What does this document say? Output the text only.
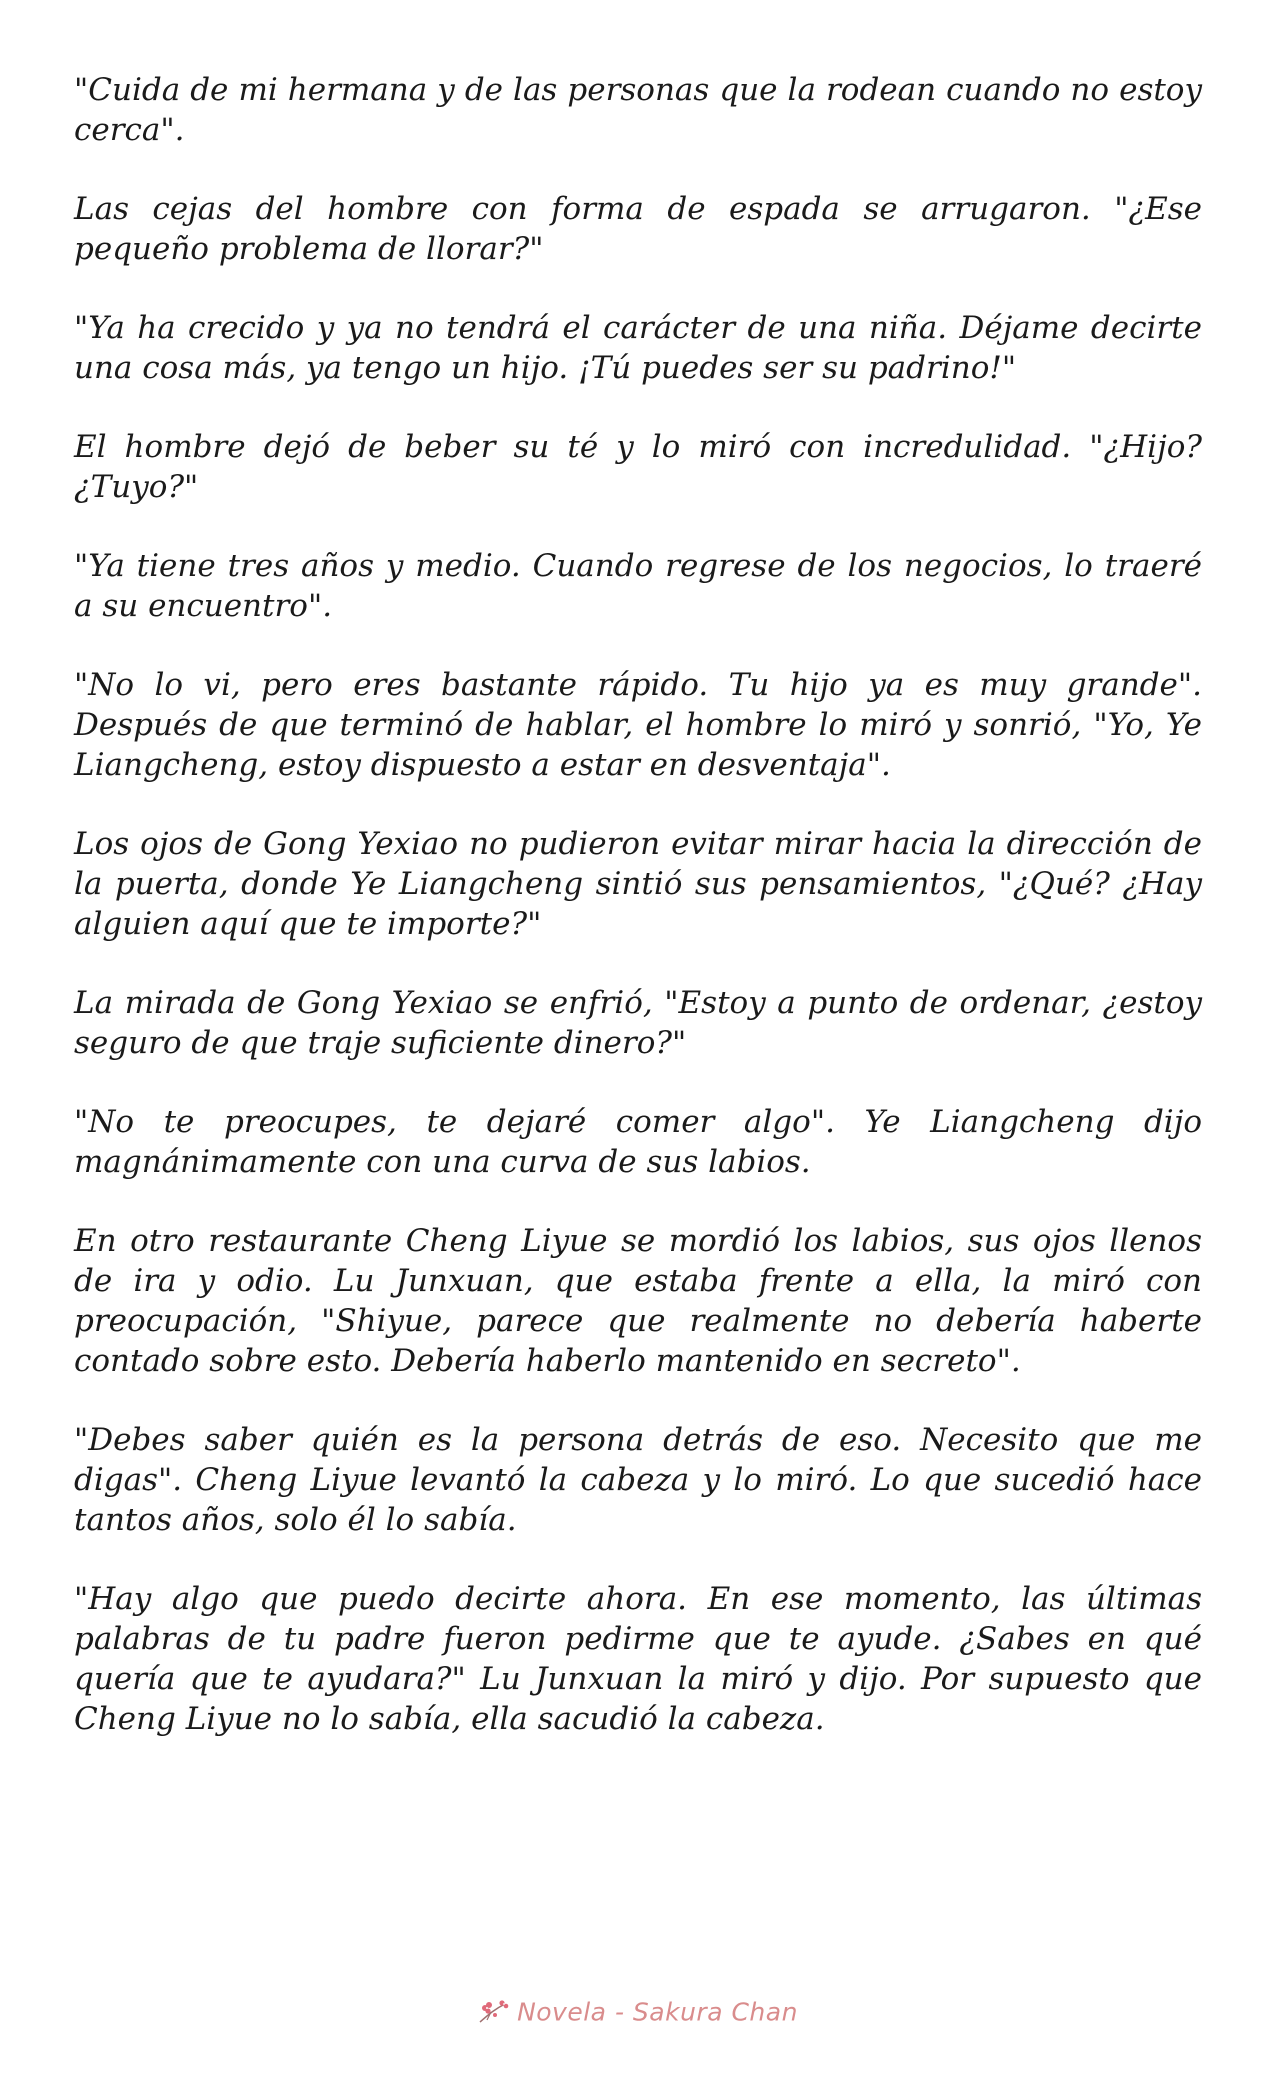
"Cuida de mi hermana y de las personas que la rodean cuando no estoy cerca".

Las cejas del hombre con forma de espada se arrugaron. "¿Ese pequeño problema de llorar?"

"Ya ha crecido y ya no tendrá el carácter de una niña. Déjame decirte una cosa más, ya tengo un hijo. ¡Tú puedes ser su padrino!"

El hombre dejó de beber su té y lo miró con incredulidad. "¿Hijo? ¿Tuyo?"

"Ya tiene tres años y medio. Cuando regrese de los negocios, lo traeré a su encuentro".

"No lo vi, pero eres bastante rápido. Tu hijo ya es muy grande". Después de que terminó de hablar, el hombre lo miró y sonrió, "Yo, Ye Liangcheng, estoy dispuesto a estar en desventaja".

Los ojos de Gong Yexiao no pudieron evitar mirar hacia la dirección de la puerta, donde Ye Liangcheng sintió sus pensamientos, "¿Qué? ¿Hay alguien aquí que te importe?"

La mirada de Gong Yexiao se enfrió, "Estoy a punto de ordenar, ¿estoy seguro de que traje suficiente dinero?"

"No te preocupes, te dejaré comer algo". Ye Liangcheng dijo magnánimamente con una curva de sus labios.

En otro restaurante Cheng Liyue se mordió los labios, sus ojos llenos de ira y odio. Lu Junxuan, que estaba frente a ella, la miró con preocupación, "Shiyue, parece que realmente no debería haberte contado sobre esto. Debería haberlo mantenido en secreto".

"Debes saber quién es la persona detrás de eso. Necesito que me digas". Cheng Liyue levantó la cabeza y lo miró. Lo que sucedió hace tantos años, solo él lo sabía.

"Hay algo que puedo decirte ahora. En ese momento, las últimas palabras de tu padre fueron pedirme que te ayude. ¿Sabes en qué quería que te ayudara?" Lu Junxuan la miró y dijo. Por supuesto que Cheng Liyue no lo sabía, ella sacudió la cabeza.

Novela - Sakura Chan
